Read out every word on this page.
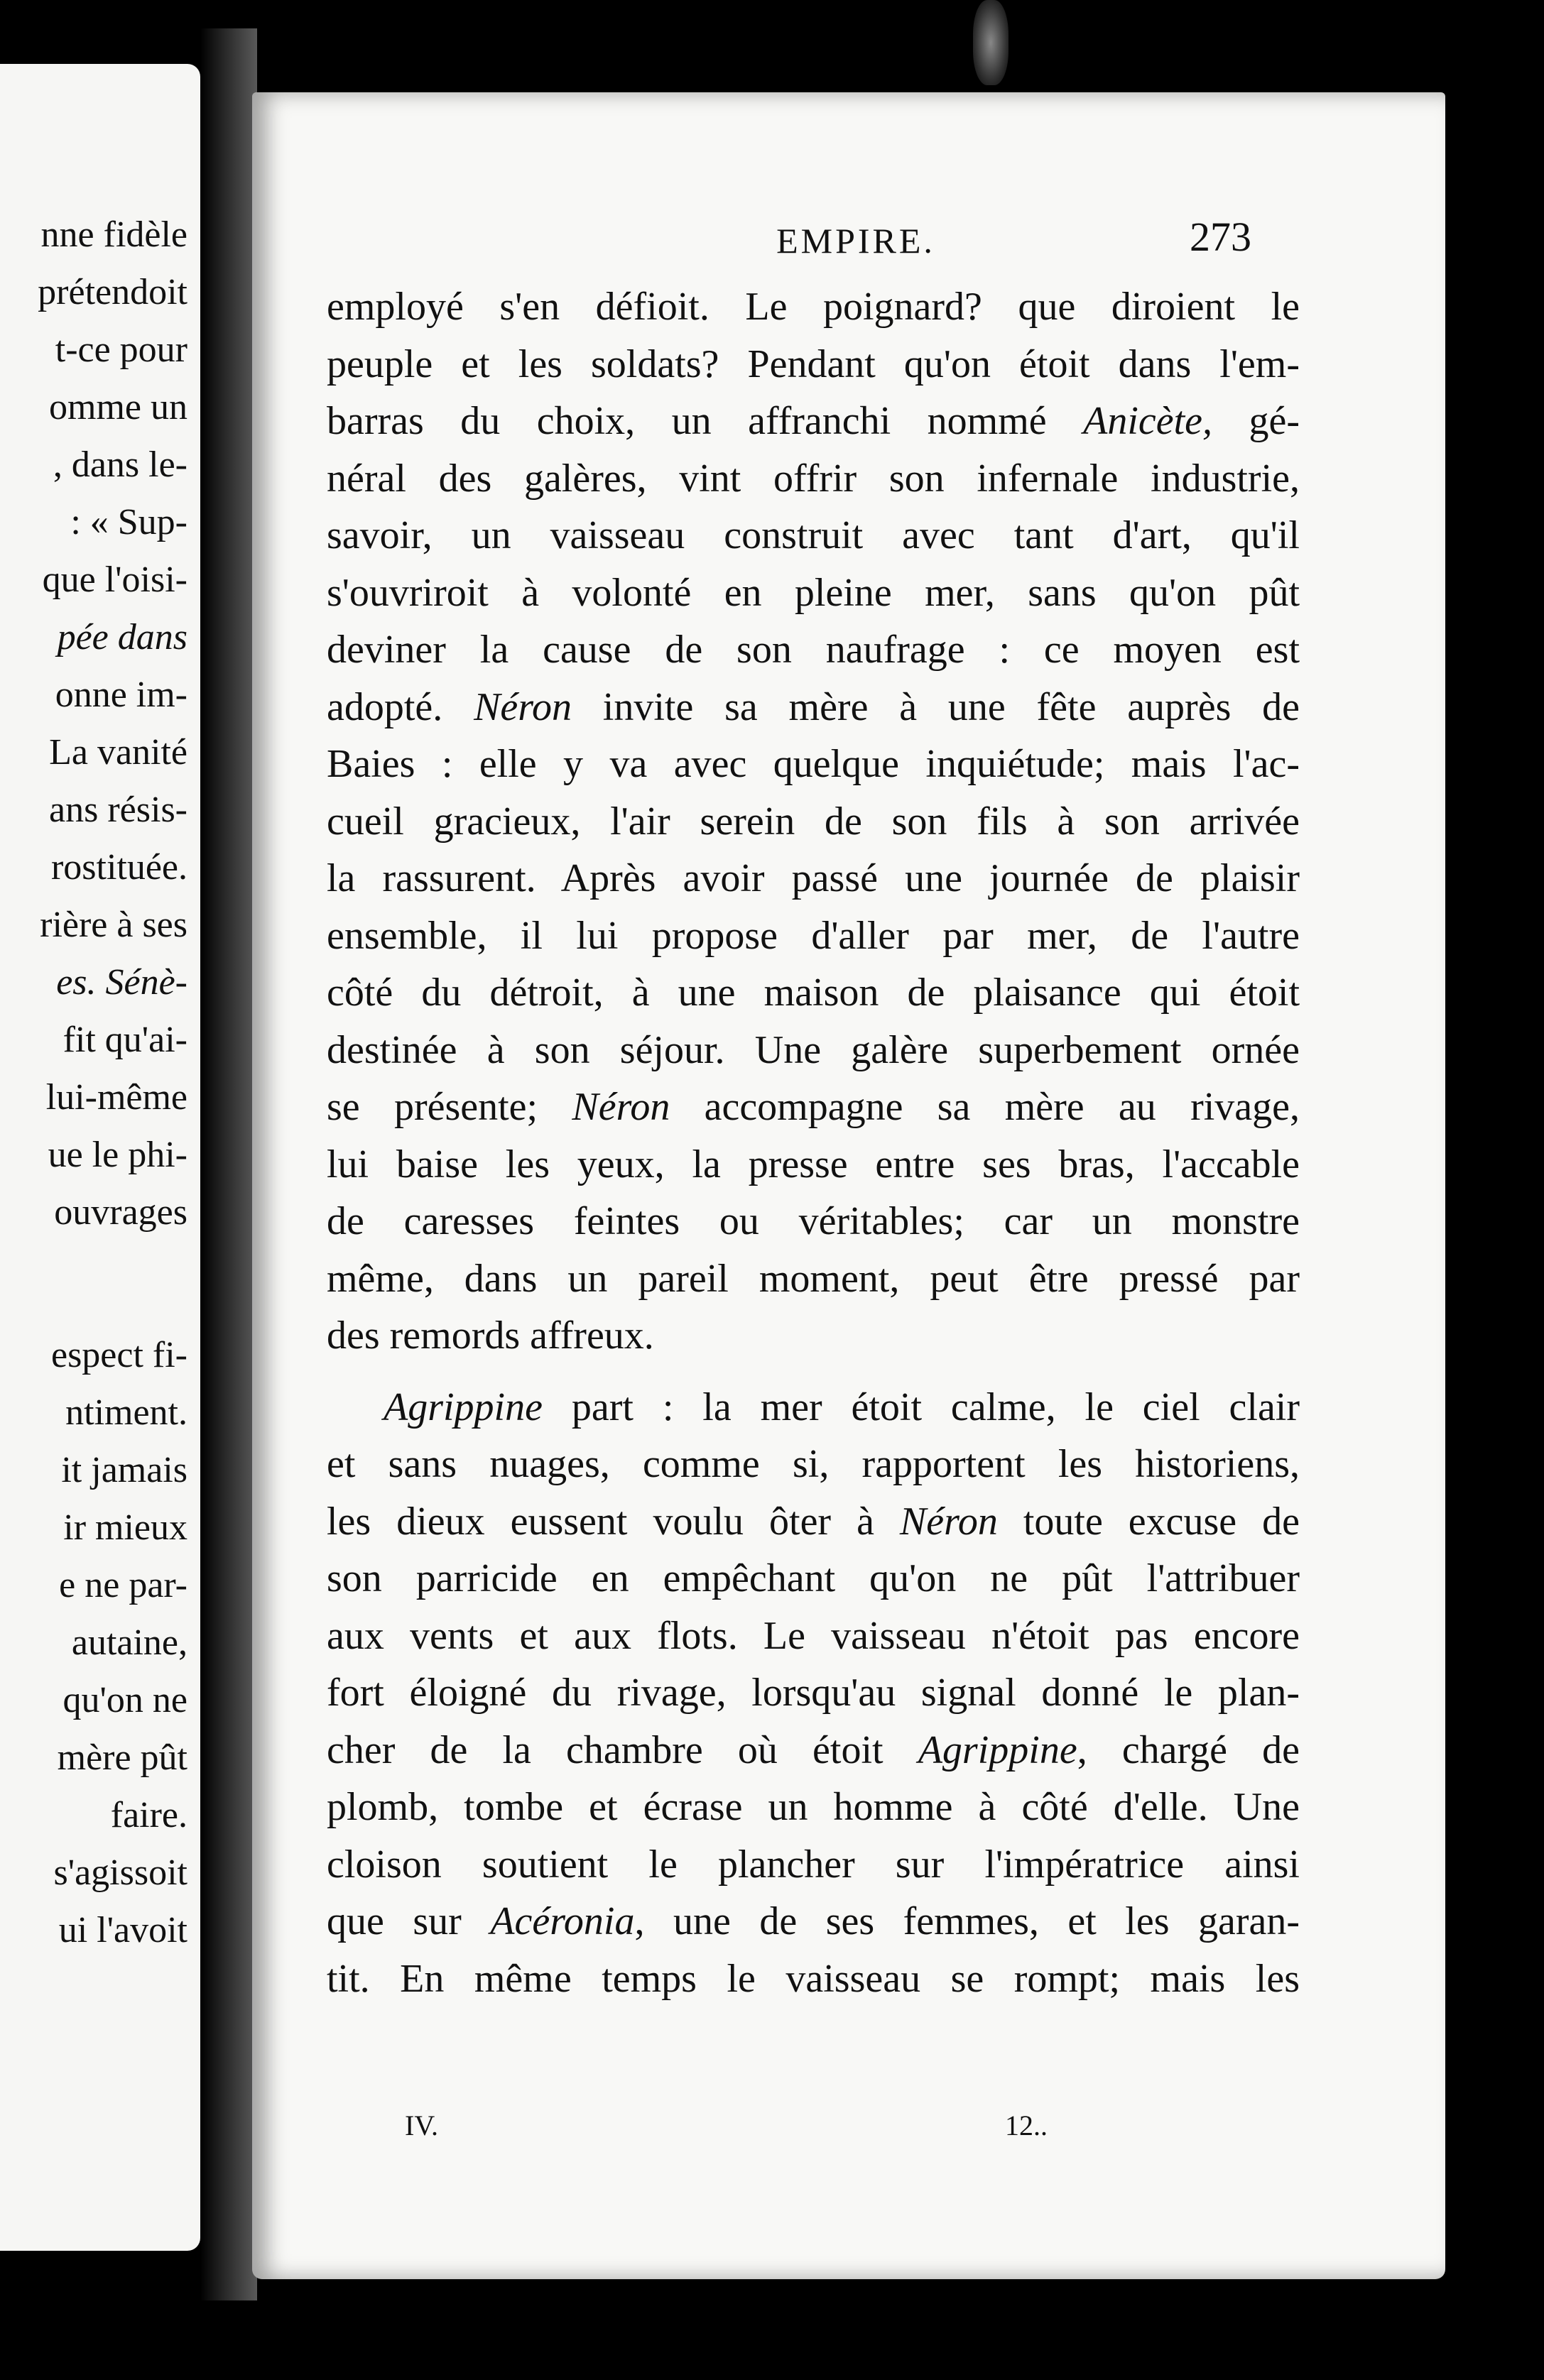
nne fidèle
prétendoit
t-ce pour
omme un
, dans le-
: « Sup-
que l'oisi-
pée dans
onne im-
La vanité
ans résis-
rostituée.
rière à ses
es. Sénè-
fit qu'ai-
lui-même
ue le phi-
ouvrages
espect fi-
ntiment.
it jamais
ir mieux
e ne par-
autaine,
qu'on ne
mère pût
faire.
s'agissoit
ui l'avoit
EMPIRE.	273
employé s'en défioit. Le poignard? que diroient le
peuple et les soldats? Pendant qu'on étoit dans l'em-
barras du choix, un affranchi nommé Anicète, gé-
néral des galères, vint offrir son infernale industrie,
savoir, un vaisseau construit avec tant d'art, qu'il
s'ouvriroit à volonté en pleine mer, sans qu'on pût
deviner la cause de son naufrage : ce moyen est
adopté. Néron invite sa mère à une fête auprès de
Baies : elle y va avec quelque inquiétude; mais l'ac-
cueil gracieux, l'air serein de son fils à son arrivée
la rassurent. Après avoir passé une journée de plaisir
ensemble, il lui propose d'aller par mer, de l'autre
côté du détroit, à une maison de plaisance qui étoit
destinée à son séjour. Une galère superbement ornée
se présente; Néron accompagne sa mère au rivage,
lui baise les yeux, la presse entre ses bras, l'accable
de caresses feintes ou véritables; car un monstre
même, dans un pareil moment, peut être pressé par
des remords affreux.
Agrippine part : la mer étoit calme, le ciel clair
et sans nuages, comme si, rapportent les historiens,
les dieux eussent voulu ôter à Néron toute excuse de
son parricide en empêchant qu'on ne pût l'attribuer
aux vents et aux flots. Le vaisseau n'étoit pas encore
fort éloigné du rivage, lorsqu'au signal donné le plan-
cher de la chambre où étoit Agrippine, chargé de
plomb, tombe et écrase un homme à côté d'elle. Une
cloison soutient le plancher sur l'impératrice ainsi
que sur Acéronia, une de ses femmes, et les garan-
tit. En même temps le vaisseau se rompt; mais les
IV.	12..
